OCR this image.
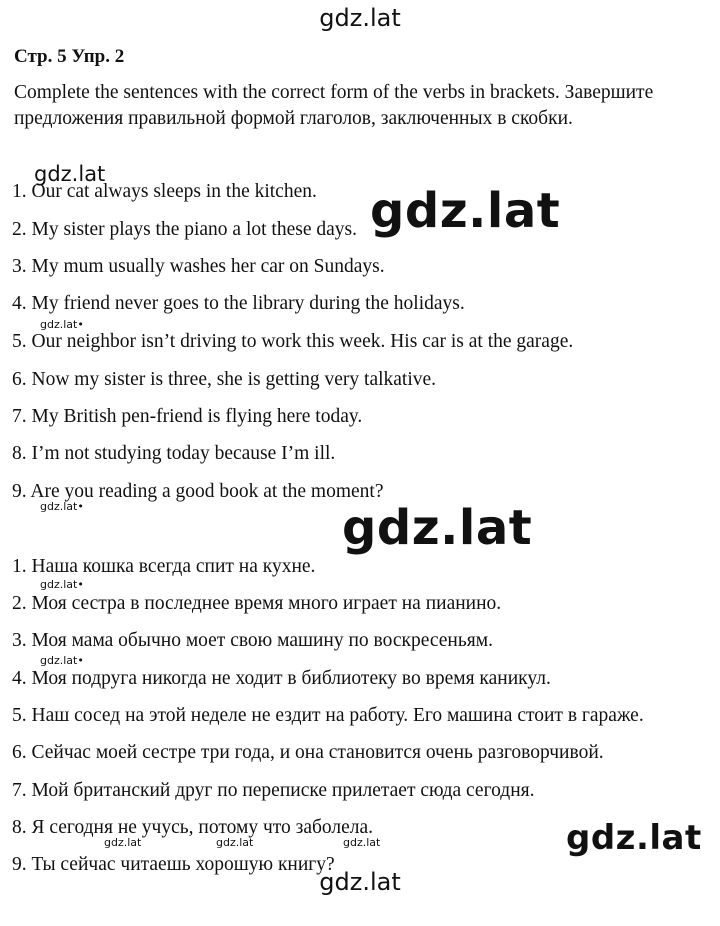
gdz.lat
Стр. 5 Упр. 2
Complete the sentences with the correct form of the verbs in brackets. Завершите предложения правильной формой глаголов, заключенных в скобки.
gdz.lat
1. Our cat always sleeps in the kitchen.
2. My sister plays the piano a lot these days.
3. My mum usually washes her car on Sundays.
4. My friend never goes to the library during the holidays.
5. Our neighbor isn’t driving to work this week. His car is at the garage.
6. Now my sister is three, she is getting very talkative.
7. My British pen-friend is flying here today.
8. I’m not studying today because I’m ill.
9. Are you reading a good book at the moment?
1. Наша кошка всегда спит на кухне.
2. Моя сестра в последнее время много играет на пианино.
3. Моя мама обычно моет свою машину по воскресеньям.
4. Моя подруга никогда не ходит в библиотеку во время каникул.
5. Наш сосед на этой неделе не ездит на работу. Его машина стоит в гараже.
6. Сейчас моей сестре три года, и она становится очень разговорчивой.
7. Мой британский друг по переписке прилетает сюда сегодня.
8. Я сегодня не учусь, потому что заболела.
9. Ты сейчас читаешь хорошую книгу?
gdz.lat
gdz.lat
gdz.lat
gdz.lat•
gdz.lat•
gdz.lat•
gdz.lat•
gdz.lat	gdz.lat	gdz.lat
gdz.lat
